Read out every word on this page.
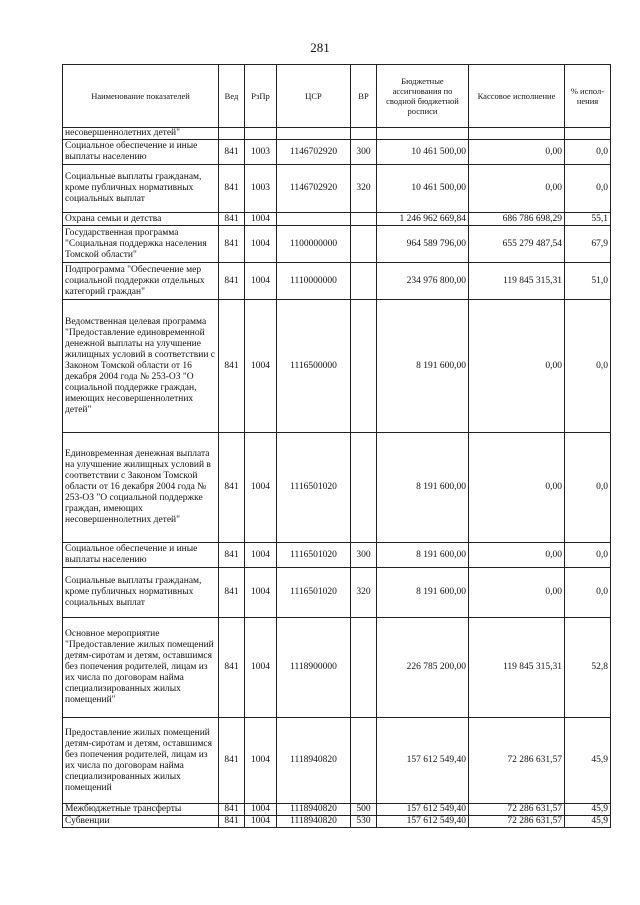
281
Наименование показателей	Вед	РзПр	ЦСР	ВР	Бюджетные ассигнования по сводной бюджетной росписи	Кассовое исполнение	% испол-нения
несовершеннолетних детей"							
Социальное обеспечение и иные выплаты населению	841	1003	1146702920	300	10 461 500,00	0,00	0,0
Социальные выплаты гражданам, кроме публичных нормативных социальных выплат	841	1003	1146702920	320	10 461 500,00	0,00	0,0
Охрана семьи и детства	841	1004			1 246 962 669,84	686 786 698,29	55,1
Государственная программа "Социальная поддержка населения Томской области"	841	1004	1100000000		964 589 796,00	655 279 487,54	67,9
Подпрограмма "Обеспечение мер социальной поддержки отдельных категорий граждан"	841	1004	1110000000		234 976 800,00	119 845 315,31	51,0
Ведомственная целевая программа "Предоставление единовременной денежной выплаты на улучшение жилищных условий в соответствии с Законом Томской области от 16 декабря 2004 года № 253-ОЗ "О социальной поддержке граждан, имеющих несовершеннолетних детей"	841	1004	1116500000		8 191 600,00	0,00	0,0
Единовременная денежная выплата на улучшение жилищных условий в соответствии с Законом Томской области от 16 декабря 2004 года № 253-ОЗ "О социальной поддержке граждан, имеющих несовершеннолетних детей"	841	1004	1116501020		8 191 600,00	0,00	0,0
Социальное обеспечение и иные выплаты населению	841	1004	1116501020	300	8 191 600,00	0,00	0,0
Социальные выплаты гражданам, кроме публичных нормативных социальных выплат	841	1004	1116501020	320	8 191 600,00	0,00	0,0
Основное мероприятие "Предоставление жилых помещений детям-сиротам и детям, оставшимся без попечения родителей, лицам из их числа по договорам найма специализированных жилых помещений"	841	1004	1118900000		226 785 200,00	119 845 315,31	52,8
Предоставление жилых помещений детям-сиротам и детям, оставшимся без попечения родителей, лицам из их числа по договорам найма специализированных жилых помещений	841	1004	1118940820		157 612 549,40	72 286 631,57	45,9
Межбюджетные трансферты	841	1004	1118940820	500	157 612 549,40	72 286 631,57	45,9
Субвенции	841	1004	1118940820	530	157 612 549,40	72 286 631,57	45,9
